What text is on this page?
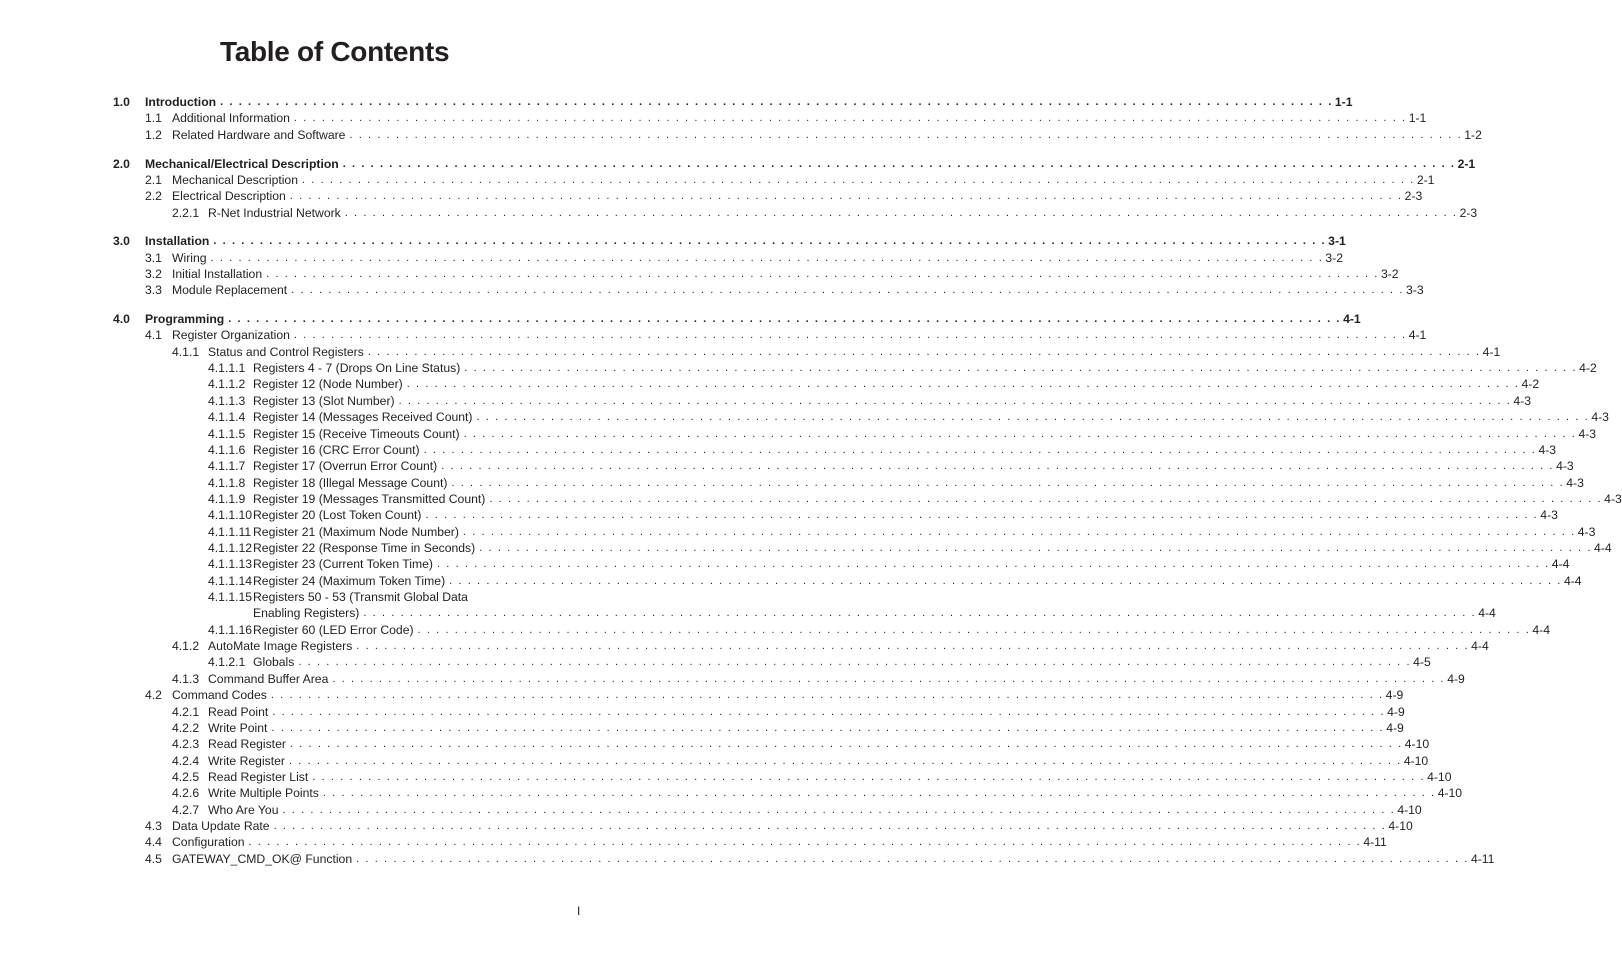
Table of Contents
1.0 Introduction . . . . . . . . . . . . . . . . . . . . . . . . . . . . . . . . . . . . . . . . . . . . . . . . . . . . . . . . . . . . . . . . . . . . . . . . . . . . . . . . . . . . . . . . . . . . . . . . . . . . . . . . . . . . . . . . . . . . . . . . 1-1
1.1 Additional Information . . . . . . . . . . . . . . . . . . . . . . . . . . . . . . . . . . . . . . . . . . . . . . . . . . . . . . . . . . . . . . . . . . . . . . . . . . . . . . . . . . . . . . . . . . . . . . . . . . . . . . . . . . . . . . . . . . . . . . . . 1-1
1.2 Related Hardware and Software . . . . . . . . . . . . . . . . . . . . . . . . . . . . . . . . . . . . . . . . . . . . . . . . . . . . . . . . . . . . . . . . . . . . . . . . . . . . . . . . . . . . . . . . . . . . . . . . . . . . . . . . . . . . . . . . . . . . . . . . 1-2
2.0 Mechanical/Electrical Description . . . . . . . . . . . . . . . . . . . . . . . . . . . . . . . . . . . . . . . . . . . . . . . . . . . . . . . . . . . . . . . . . . . . . . . . . . . . . . . . . . . . . . . . . . . . . . . . . . . . . . . . . . . . . . . . . . . . . . . . 2-1
2.1 Mechanical Description . . . . . . . . . . . . . . . . . . . . . . . . . . . . . . . . . . . . . . . . . . . . . . . . . . . . . . . . . . . . . . . . . . . . . . . . . . . . . . . . . . . . . . . . . . . . . . . . . . . . . . . . . . . . . . . . . . . . . . . . 2-1
2.2 Electrical Description . . . . . . . . . . . . . . . . . . . . . . . . . . . . . . . . . . . . . . . . . . . . . . . . . . . . . . . . . . . . . . . . . . . . . . . . . . . . . . . . . . . . . . . . . . . . . . . . . . . . . . . . . . . . . . . . . . . . . . . . 2-3
2.2.1 R-Net Industrial Network . . . . . . . . . . . . . . . . . . . . . . . . . . . . . . . . . . . . . . . . . . . . . . . . . . . . . . . . . . . . . . . . . . . . . . . . . . . . . . . . . . . . . . . . . . . . . . . . . . . . . . . . . . . . . . . . . . . . . . . . 2-3
3.0 Installation . . . . . . . . . . . . . . . . . . . . . . . . . . . . . . . . . . . . . . . . . . . . . . . . . . . . . . . . . . . . . . . . . . . . . . . . . . . . . . . . . . . . . . . . . . . . . . . . . . . . . . . . . . . . . . . . . . . . . . . . 3-1
3.1 Wiring . . . . . . . . . . . . . . . . . . . . . . . . . . . . . . . . . . . . . . . . . . . . . . . . . . . . . . . . . . . . . . . . . . . . . . . . . . . . . . . . . . . . . . . . . . . . . . . . . . . . . . . . . . . . . . . . . . . . . . . . 3-2
3.2 Initial Installation . . . . . . . . . . . . . . . . . . . . . . . . . . . . . . . . . . . . . . . . . . . . . . . . . . . . . . . . . . . . . . . . . . . . . . . . . . . . . . . . . . . . . . . . . . . . . . . . . . . . . . . . . . . . . . . . . . . . . . . . 3-2
3.3 Module Replacement . . . . . . . . . . . . . . . . . . . . . . . . . . . . . . . . . . . . . . . . . . . . . . . . . . . . . . . . . . . . . . . . . . . . . . . . . . . . . . . . . . . . . . . . . . . . . . . . . . . . . . . . . . . . . . . . . . . . . . . . 3-3
4.0 Programming . . . . . . . . . . . . . . . . . . . . . . . . . . . . . . . . . . . . . . . . . . . . . . . . . . . . . . . . . . . . . . . . . . . . . . . . . . . . . . . . . . . . . . . . . . . . . . . . . . . . . . . . . . . . . . . . . . . . . . . . 4-1
4.1 Register Organization . . . . . . . . . . . . . . . . . . . . . . . . . . . . . . . . . . . . . . . . . . . . . . . . . . . . . . . . . . . . . . . . . . . . . . . . . . . . . . . . . . . . . . . . . . . . . . . . . . . . . . . . . . . . . . . . . . . . . . . . 4-1
4.1.1 Status and Control Registers . . . . . . . . . . . . . . . . . . . . . . . . . . . . . . . . . . . . . . . . . . . . . . . . . . . . . . . . . . . . . . . . . . . . . . . . . . . . . . . . . . . . . . . . . . . . . . . . . . . . . . . . . . . . . . . . . . . . . . . . 4-1
4.1.1.1 Registers 4 - 7 (Drops On Line Status) . . . . . . . . . . . . . . . . . . . . . . . . . . . . . . . . . . . . . . . . . . . . . . . . . . . . . . . . . . . . . . . . . . . . . . . . . . . . . . . . . . . . . . . . . . . . . . . . . . . . . . . . . . . . . . . . . . . . . . . . 4-2
4.1.1.2 Register 12 (Node Number) . . . . . . . . . . . . . . . . . . . . . . . . . . . . . . . . . . . . . . . . . . . . . . . . . . . . . . . . . . . . . . . . . . . . . . . . . . . . . . . . . . . . . . . . . . . . . . . . . . . . . . . . . . . . . . . . . . . . . . . . 4-2
4.1.1.3 Register 13 (Slot Number) . . . . . . . . . . . . . . . . . . . . . . . . . . . . . . . . . . . . . . . . . . . . . . . . . . . . . . . . . . . . . . . . . . . . . . . . . . . . . . . . . . . . . . . . . . . . . . . . . . . . . . . . . . . . . . . . . . . . . . . . 4-3
4.1.1.4 Register 14 (Messages Received Count) . . . . . . . . . . . . . . . . . . . . . . . . . . . . . . . . . . . . . . . . . . . . . . . . . . . . . . . . . . . . . . . . . . . . . . . . . . . . . . . . . . . . . . . . . . . . . . . . . . . . . . . . . . . . . . . . . . . . . . . . 4-3
4.1.1.5 Register 15 (Receive Timeouts Count) . . . . . . . . . . . . . . . . . . . . . . . . . . . . . . . . . . . . . . . . . . . . . . . . . . . . . . . . . . . . . . . . . . . . . . . . . . . . . . . . . . . . . . . . . . . . . . . . . . . . . . . . . . . . . . . . . . . . . . . . 4-3
4.1.1.6 Register 16 (CRC Error Count) . . . . . . . . . . . . . . . . . . . . . . . . . . . . . . . . . . . . . . . . . . . . . . . . . . . . . . . . . . . . . . . . . . . . . . . . . . . . . . . . . . . . . . . . . . . . . . . . . . . . . . . . . . . . . . . . . . . . . . . . 4-3
4.1.1.7 Register 17 (Overrun Error Count) . . . . . . . . . . . . . . . . . . . . . . . . . . . . . . . . . . . . . . . . . . . . . . . . . . . . . . . . . . . . . . . . . . . . . . . . . . . . . . . . . . . . . . . . . . . . . . . . . . . . . . . . . . . . . . . . . . . . . . . . 4-3
4.1.1.8 Register 18 (Illegal Message Count) . . . . . . . . . . . . . . . . . . . . . . . . . . . . . . . . . . . . . . . . . . . . . . . . . . . . . . . . . . . . . . . . . . . . . . . . . . . . . . . . . . . . . . . . . . . . . . . . . . . . . . . . . . . . . . . . . . . . . . . . 4-3
4.1.1.9 Register 19 (Messages Transmitted Count) . . . . . . . . . . . . . . . . . . . . . . . . . . . . . . . . . . . . . . . . . . . . . . . . . . . . . . . . . . . . . . . . . . . . . . . . . . . . . . . . . . . . . . . . . . . . . . . . . . . . . . . . . . . . . . . . . . . . . . . . 4-3
4.1.1.10 Register 20 (Lost Token Count) . . . . . . . . . . . . . . . . . . . . . . . . . . . . . . . . . . . . . . . . . . . . . . . . . . . . . . . . . . . . . . . . . . . . . . . . . . . . . . . . . . . . . . . . . . . . . . . . . . . . . . . . . . . . . . . . . . . . . . . . 4-3
4.1.1.11 Register 21 (Maximum Node Number) . . . . . . . . . . . . . . . . . . . . . . . . . . . . . . . . . . . . . . . . . . . . . . . . . . . . . . . . . . . . . . . . . . . . . . . . . . . . . . . . . . . . . . . . . . . . . . . . . . . . . . . . . . . . . . . . . . . . . . . . 4-3
4.1.1.12 Register 22 (Response Time in Seconds) . . . . . . . . . . . . . . . . . . . . . . . . . . . . . . . . . . . . . . . . . . . . . . . . . . . . . . . . . . . . . . . . . . . . . . . . . . . . . . . . . . . . . . . . . . . . . . . . . . . . . . . . . . . . . . . . . . . . . . . . 4-4
4.1.1.13 Register 23 (Current Token Time) . . . . . . . . . . . . . . . . . . . . . . . . . . . . . . . . . . . . . . . . . . . . . . . . . . . . . . . . . . . . . . . . . . . . . . . . . . . . . . . . . . . . . . . . . . . . . . . . . . . . . . . . . . . . . . . . . . . . . . . . 4-4
4.1.1.14 Register 24 (Maximum Token Time) . . . . . . . . . . . . . . . . . . . . . . . . . . . . . . . . . . . . . . . . . . . . . . . . . . . . . . . . . . . . . . . . . . . . . . . . . . . . . . . . . . . . . . . . . . . . . . . . . . . . . . . . . . . . . . . . . . . . . . . . 4-4
4.1.1.15 Registers 50 - 53 (Transmit Global Data
Enabling Registers) . . . . . . . . . . . . . . . . . . . . . . . . . . . . . . . . . . . . . . . . . . . . . . . . . . . . . . . . . . . . . . . . . . . . . . . . . . . . . . . . . . . . . . . . . . . . . . . . . . . . . . . . . . . . . . . . . . . . . . . . 4-4
4.1.1.16 Register 60 (LED Error Code) . . . . . . . . . . . . . . . . . . . . . . . . . . . . . . . . . . . . . . . . . . . . . . . . . . . . . . . . . . . . . . . . . . . . . . . . . . . . . . . . . . . . . . . . . . . . . . . . . . . . . . . . . . . . . . . . . . . . . . . . 4-4
4.1.2 AutoMate Image Registers . . . . . . . . . . . . . . . . . . . . . . . . . . . . . . . . . . . . . . . . . . . . . . . . . . . . . . . . . . . . . . . . . . . . . . . . . . . . . . . . . . . . . . . . . . . . . . . . . . . . . . . . . . . . . . . . . . . . . . . . 4-4
4.1.2.1 Globals . . . . . . . . . . . . . . . . . . . . . . . . . . . . . . . . . . . . . . . . . . . . . . . . . . . . . . . . . . . . . . . . . . . . . . . . . . . . . . . . . . . . . . . . . . . . . . . . . . . . . . . . . . . . . . . . . . . . . . . . 4-5
4.1.3 Command Buffer Area . . . . . . . . . . . . . . . . . . . . . . . . . . . . . . . . . . . . . . . . . . . . . . . . . . . . . . . . . . . . . . . . . . . . . . . . . . . . . . . . . . . . . . . . . . . . . . . . . . . . . . . . . . . . . . . . . . . . . . . . 4-9
4.2 Command Codes . . . . . . . . . . . . . . . . . . . . . . . . . . . . . . . . . . . . . . . . . . . . . . . . . . . . . . . . . . . . . . . . . . . . . . . . . . . . . . . . . . . . . . . . . . . . . . . . . . . . . . . . . . . . . . . . . . . . . . . . 4-9
4.2.1 Read Point . . . . . . . . . . . . . . . . . . . . . . . . . . . . . . . . . . . . . . . . . . . . . . . . . . . . . . . . . . . . . . . . . . . . . . . . . . . . . . . . . . . . . . . . . . . . . . . . . . . . . . . . . . . . . . . . . . . . . . . . 4-9
4.2.2 Write Point . . . . . . . . . . . . . . . . . . . . . . . . . . . . . . . . . . . . . . . . . . . . . . . . . . . . . . . . . . . . . . . . . . . . . . . . . . . . . . . . . . . . . . . . . . . . . . . . . . . . . . . . . . . . . . . . . . . . . . . . 4-9
4.2.3 Read Register . . . . . . . . . . . . . . . . . . . . . . . . . . . . . . . . . . . . . . . . . . . . . . . . . . . . . . . . . . . . . . . . . . . . . . . . . . . . . . . . . . . . . . . . . . . . . . . . . . . . . . . . . . . . . . . . . . . . . . . . 4-10
4.2.4 Write Register . . . . . . . . . . . . . . . . . . . . . . . . . . . . . . . . . . . . . . . . . . . . . . . . . . . . . . . . . . . . . . . . . . . . . . . . . . . . . . . . . . . . . . . . . . . . . . . . . . . . . . . . . . . . . . . . . . . . . . . . 4-10
4.2.5 Read Register List . . . . . . . . . . . . . . . . . . . . . . . . . . . . . . . . . . . . . . . . . . . . . . . . . . . . . . . . . . . . . . . . . . . . . . . . . . . . . . . . . . . . . . . . . . . . . . . . . . . . . . . . . . . . . . . . . . . . . . . . 4-10
4.2.6 Write Multiple Points . . . . . . . . . . . . . . . . . . . . . . . . . . . . . . . . . . . . . . . . . . . . . . . . . . . . . . . . . . . . . . . . . . . . . . . . . . . . . . . . . . . . . . . . . . . . . . . . . . . . . . . . . . . . . . . . . . . . . . . . 4-10
4.2.7 Who Are You . . . . . . . . . . . . . . . . . . . . . . . . . . . . . . . . . . . . . . . . . . . . . . . . . . . . . . . . . . . . . . . . . . . . . . . . . . . . . . . . . . . . . . . . . . . . . . . . . . . . . . . . . . . . . . . . . . . . . . . . 4-10
4.3 Data Update Rate . . . . . . . . . . . . . . . . . . . . . . . . . . . . . . . . . . . . . . . . . . . . . . . . . . . . . . . . . . . . . . . . . . . . . . . . . . . . . . . . . . . . . . . . . . . . . . . . . . . . . . . . . . . . . . . . . . . . . . . . 4-10
4.4 Configuration . . . . . . . . . . . . . . . . . . . . . . . . . . . . . . . . . . . . . . . . . . . . . . . . . . . . . . . . . . . . . . . . . . . . . . . . . . . . . . . . . . . . . . . . . . . . . . . . . . . . . . . . . . . . . . . . . . . . . . . . 4-11
4.5 GATEWAY_CMD_OK@ Function . . . . . . . . . . . . . . . . . . . . . . . . . . . . . . . . . . . . . . . . . . . . . . . . . . . . . . . . . . . . . . . . . . . . . . . . . . . . . . . . . . . . . . . . . . . . . . . . . . . . . . . . . . . . . . . . . . . . . . . . 4-11
I
